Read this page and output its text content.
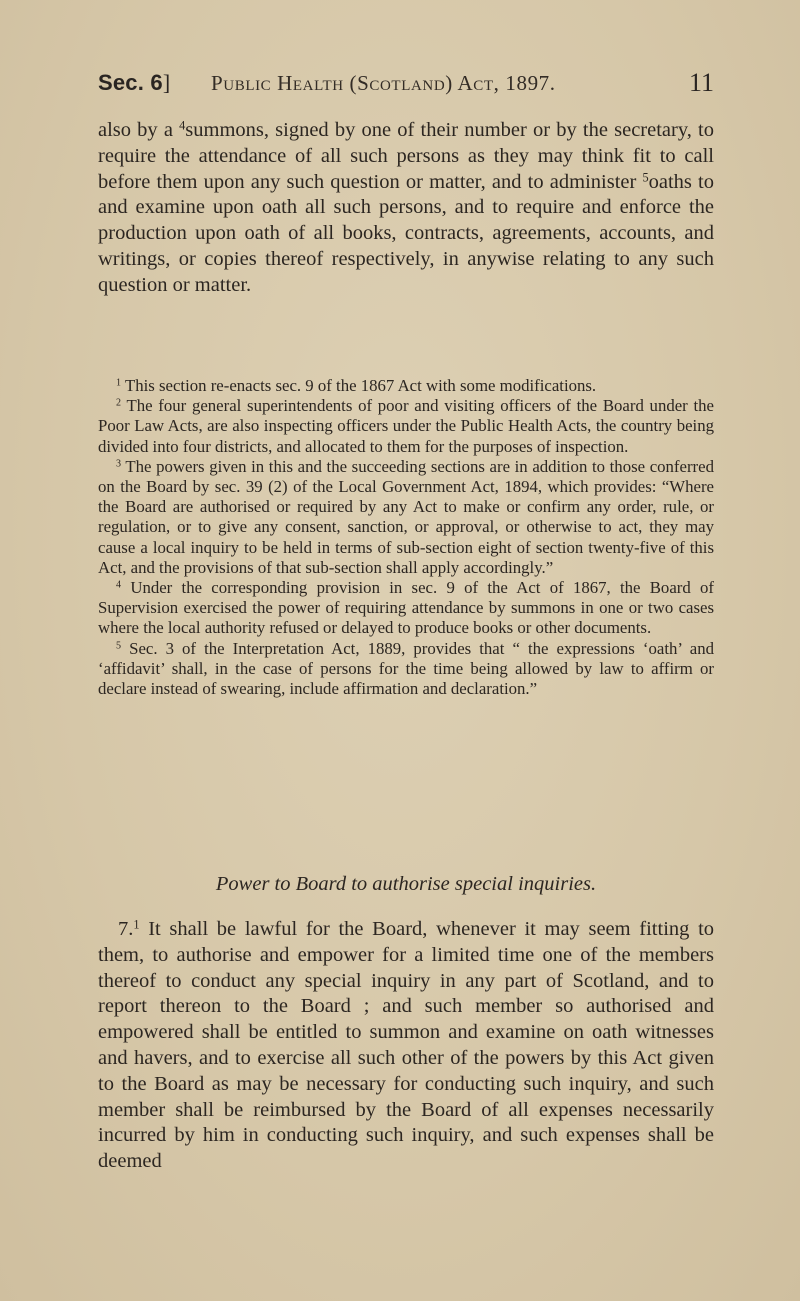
Sec. 6] Public Health (Scotland) Act, 1897.	11

also by a $^4$summons, signed by one of their number or by the secretary, to require the attendance of all such persons as they may think fit to call before them upon any such question or matter, and to administer $^5$oaths to and examine upon oath all such persons, and to require and enforce the production upon oath of all books, contracts, agreements, accounts, and writings, or copies thereof respectively, in anywise relating to any such question or matter.

$^1$ This section re-enacts sec. 9 of the 1867 Act with some modifications.

$^2$ The four general superintendents of poor and visiting officers of the Board under the Poor Law Acts, are also inspecting officers under the Public Health Acts, the country being divided into four districts, and allocated to them for the purposes of inspection.

$^3$ The powers given in this and the succeeding sections are in addition to those conferred on the Board by sec. 39 (2) of the Local Government Act, 1894, which provides: “Where the Board are authorised or required by any Act to make or confirm any order, rule, or regulation, or to give any consent, sanction, or approval, or otherwise to act, they may cause a local inquiry to be held in terms of sub-section eight of section twenty-five of this Act, and the provisions of that sub-section shall apply accordingly.”

$^4$ Under the corresponding provision in sec. 9 of the Act of 1867, the Board of Supervision exercised the power of requiring attendance by summons in one or two cases where the local authority refused or delayed to produce books or other documents.

$^5$ Sec. 3 of the Interpretation Act, 1889, provides that “ the expressions ‘oath’ and ‘affidavit’ shall, in the case of persons for the time being allowed by law to affirm or declare instead of swearing, include affirmation and declaration.”

Power to Board to authorise special inquiries.

7.$^1$ It shall be lawful for the Board, whenever it may seem fitting to them, to authorise and empower for a limited time one of the members thereof to conduct any special inquiry in any part of Scotland, and to report thereon to the Board ; and such member so authorised and empowered shall be entitled to summon and examine on oath witnesses and havers, and to exercise all such other of the powers by this Act given to the Board as may be necessary for conducting such inquiry, and such member shall be reimbursed by the Board of all expenses necessarily incurred by him in conducting such inquiry, and such expenses shall be deemed
